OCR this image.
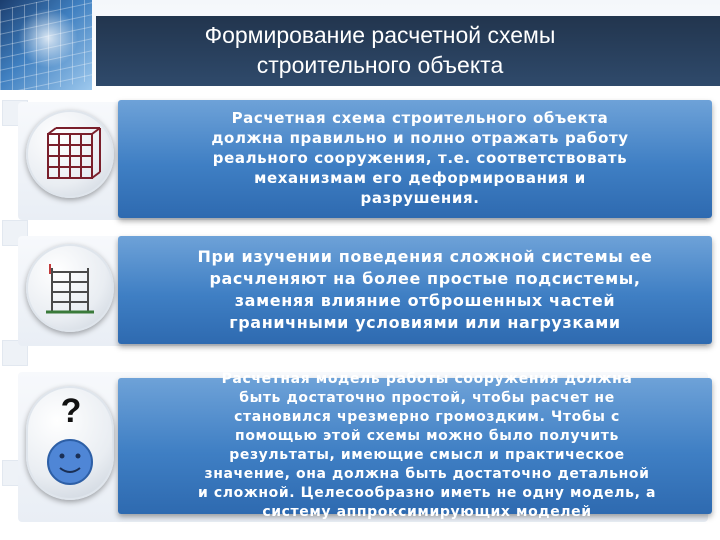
Формирование расчетной схемы
строительного объекта
Расчетная схема строительного объекта
должна правильно и полно отражать работу
реального сооружения, т.е. соответствовать
механизмам его деформирования и
разрушения.
При изучении поведения сложной системы ее
расчленяют на более простые подсистемы,
заменяя влияние отброшенных частей
граничными условиями или нагрузками
?
Расчетная модель работы сооружения должна
быть достаточно простой, чтобы расчет не
становился чрезмерно громоздким. Чтобы с
помощью этой схемы можно было получить
результаты, имеющие смысл и практическое
значение, она должна быть достаточно детальной
и сложной. Целесообразно иметь не одну модель, а
систему аппроксимирующих моделей
